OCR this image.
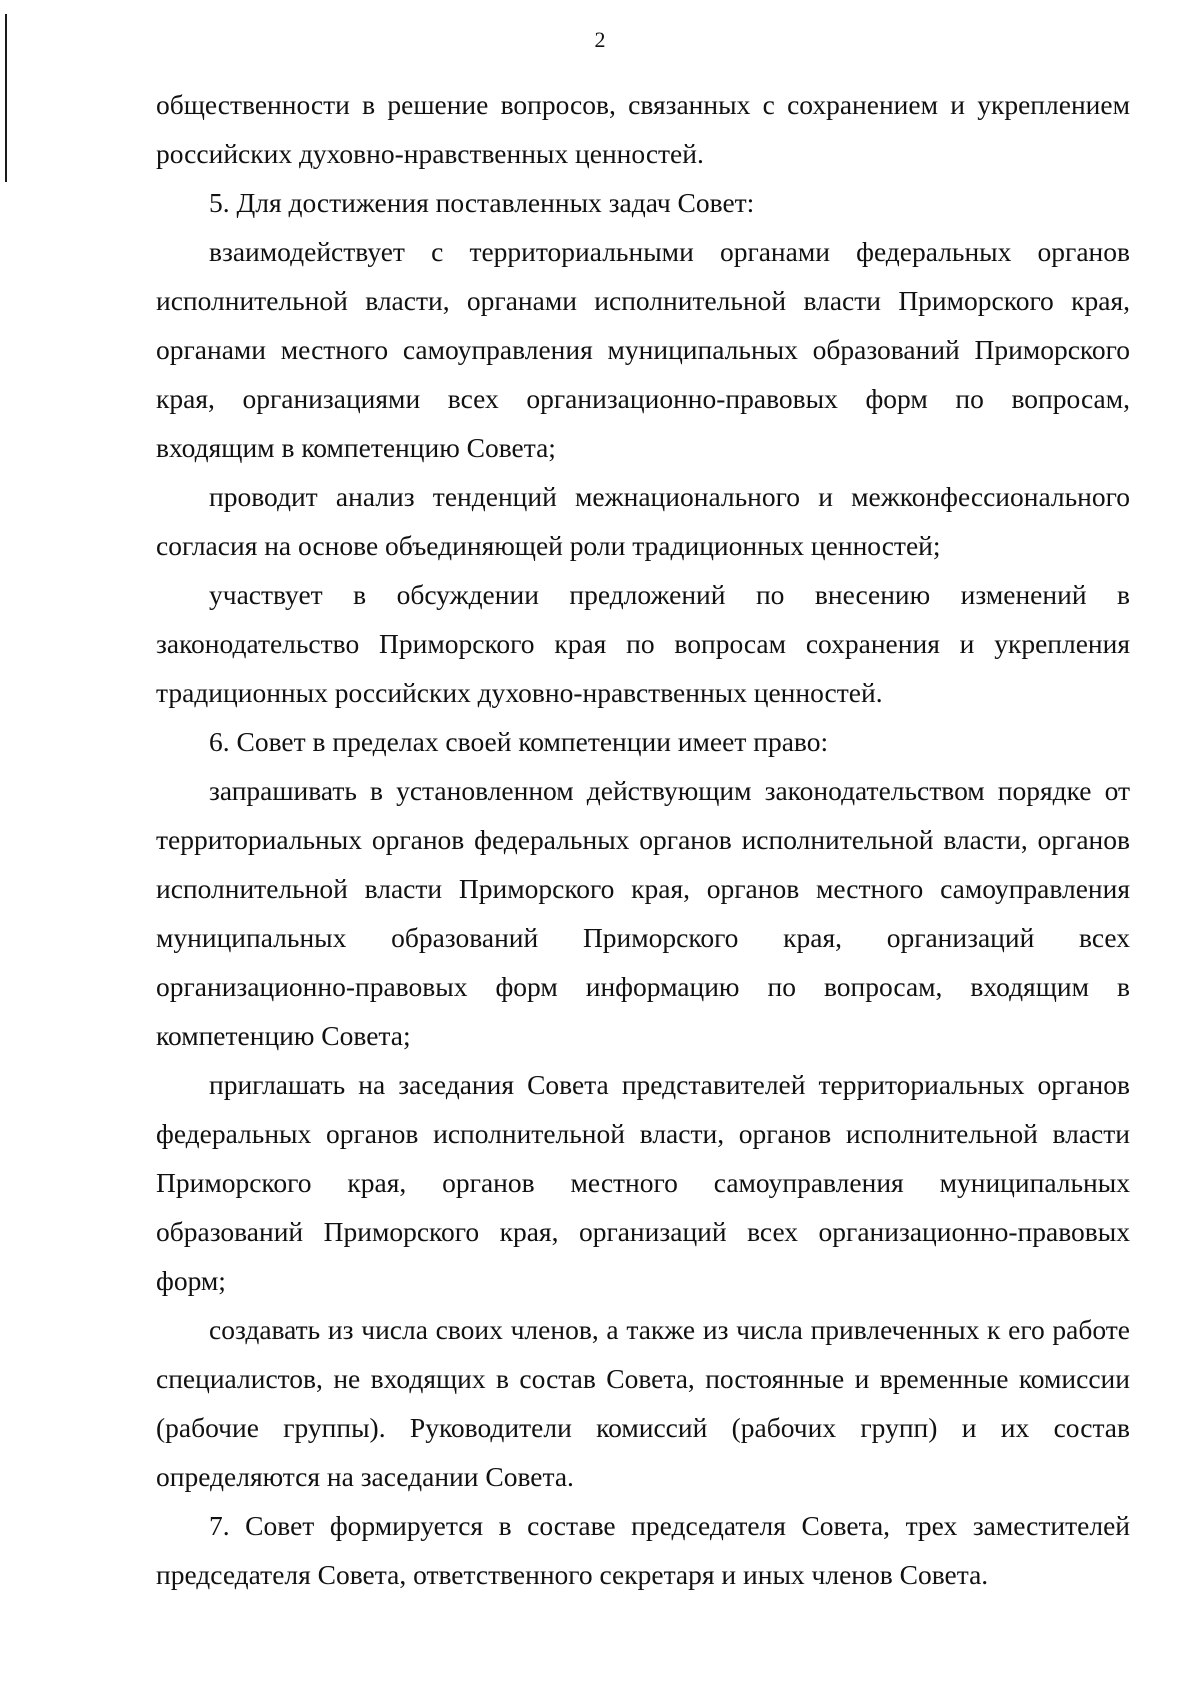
2

общественности в решение вопросов, связанных с сохранением и укреплением российских духовно-нравственных ценностей.

5. Для достижения поставленных задач Совет:

взаимодействует с территориальными органами федеральных органов исполнительной власти, органами исполнительной власти Приморского края, органами местного самоуправления муниципальных образований Приморского края, организациями всех организационно-правовых форм по вопросам, входящим в компетенцию Совета;

проводит анализ тенденций межнационального и межконфессионального согласия на основе объединяющей роли традиционных ценностей;

участвует в обсуждении предложений по внесению изменений в законодательство Приморского края по вопросам сохранения и укрепления традиционных российских духовно-нравственных ценностей.

6. Совет в пределах своей компетенции имеет право:

запрашивать в установленном действующим законодательством порядке от территориальных органов федеральных органов исполнительной власти, органов исполнительной власти Приморского края, органов местного самоуправления муниципальных образований Приморского края, организаций всех организационно-правовых форм информацию по вопросам, входящим в компетенцию Совета;

приглашать на заседания Совета представителей территориальных органов федеральных органов исполнительной власти, органов исполнительной власти Приморского края, органов местного самоуправления муниципальных образований Приморского края, организаций всех организационно-правовых форм;

создавать из числа своих членов, а также из числа привлеченных к его работе специалистов, не входящих в состав Совета, постоянные и временные комиссии (рабочие группы). Руководители комиссий (рабочих групп) и их состав определяются на заседании Совета.

7. Совет формируется в составе председателя Совета, трех заместителей председателя Совета, ответственного секретаря и иных членов Совета.
